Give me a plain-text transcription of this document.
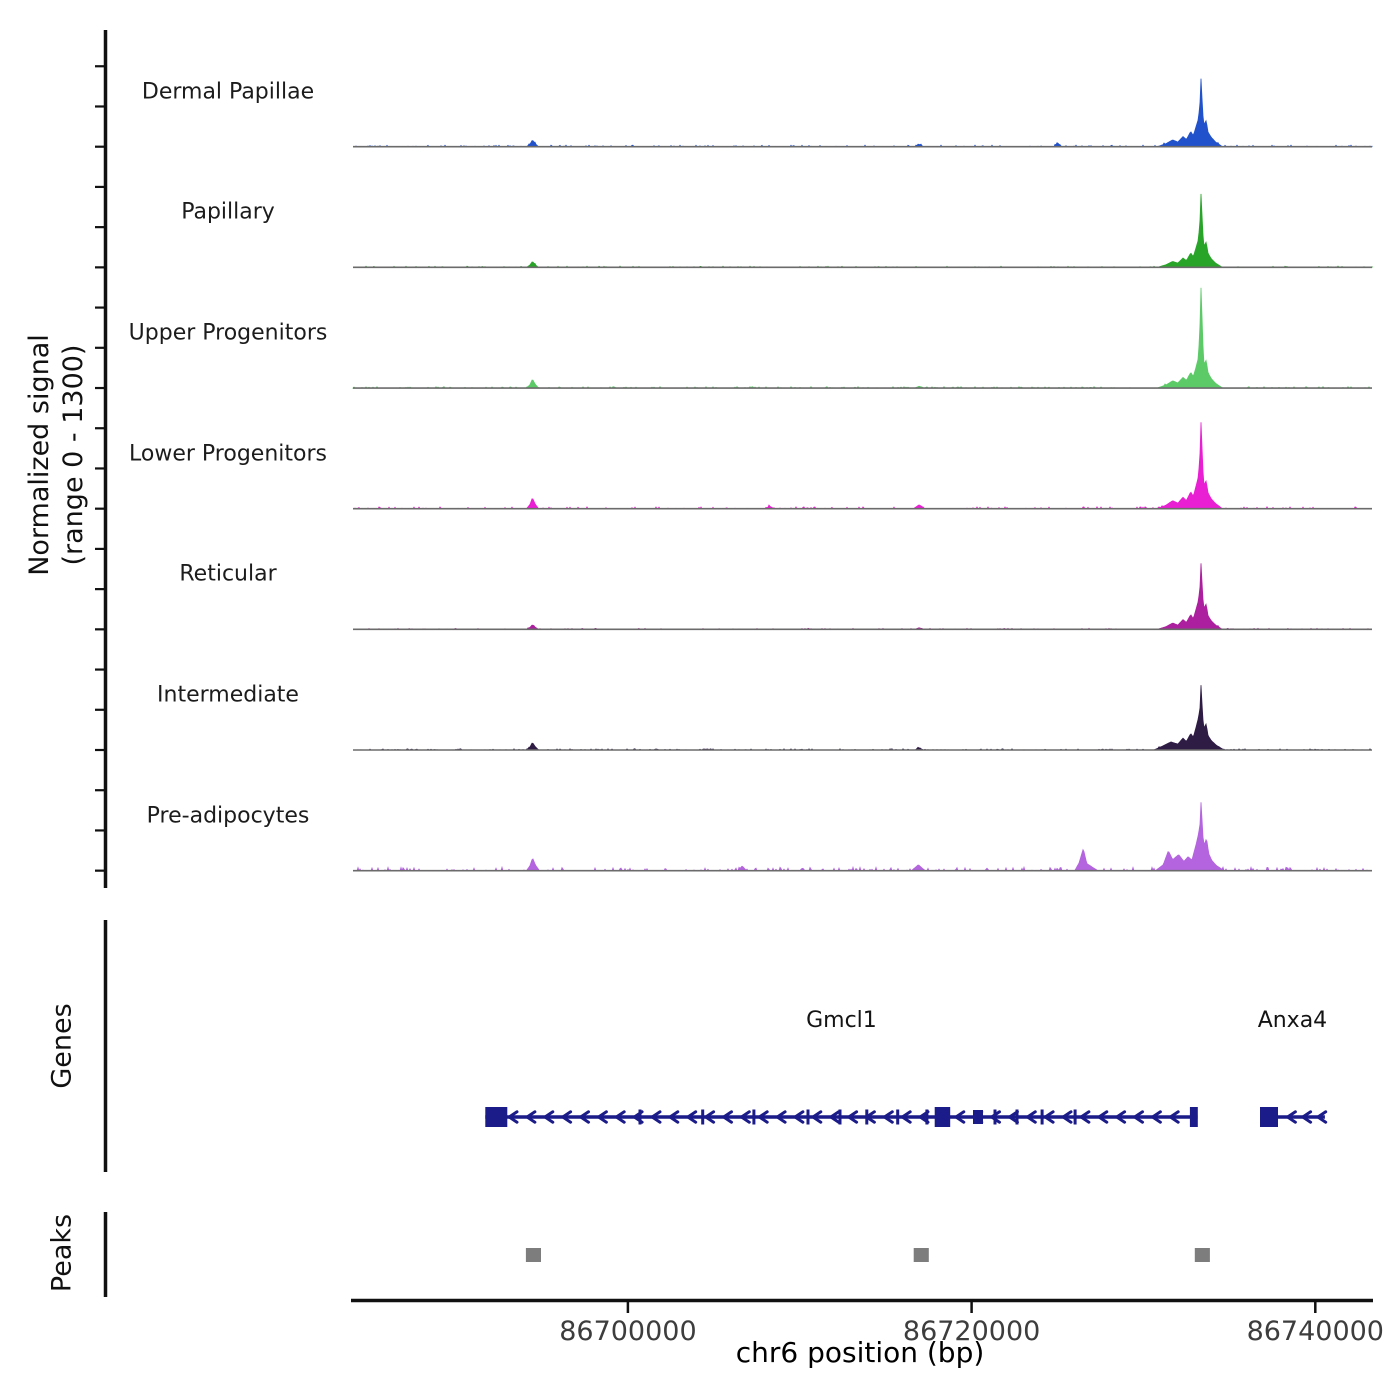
Normalized signal (range 0 - 1300)
Genes
Peaks
Dermal Papillae
Papillary
Upper Progenitors
Lower Progenitors
Reticular
Intermediate
Pre-adipocytes
Gmcl1	Anxa4
86700000	86720000	86740000
chr6 position (bp)
